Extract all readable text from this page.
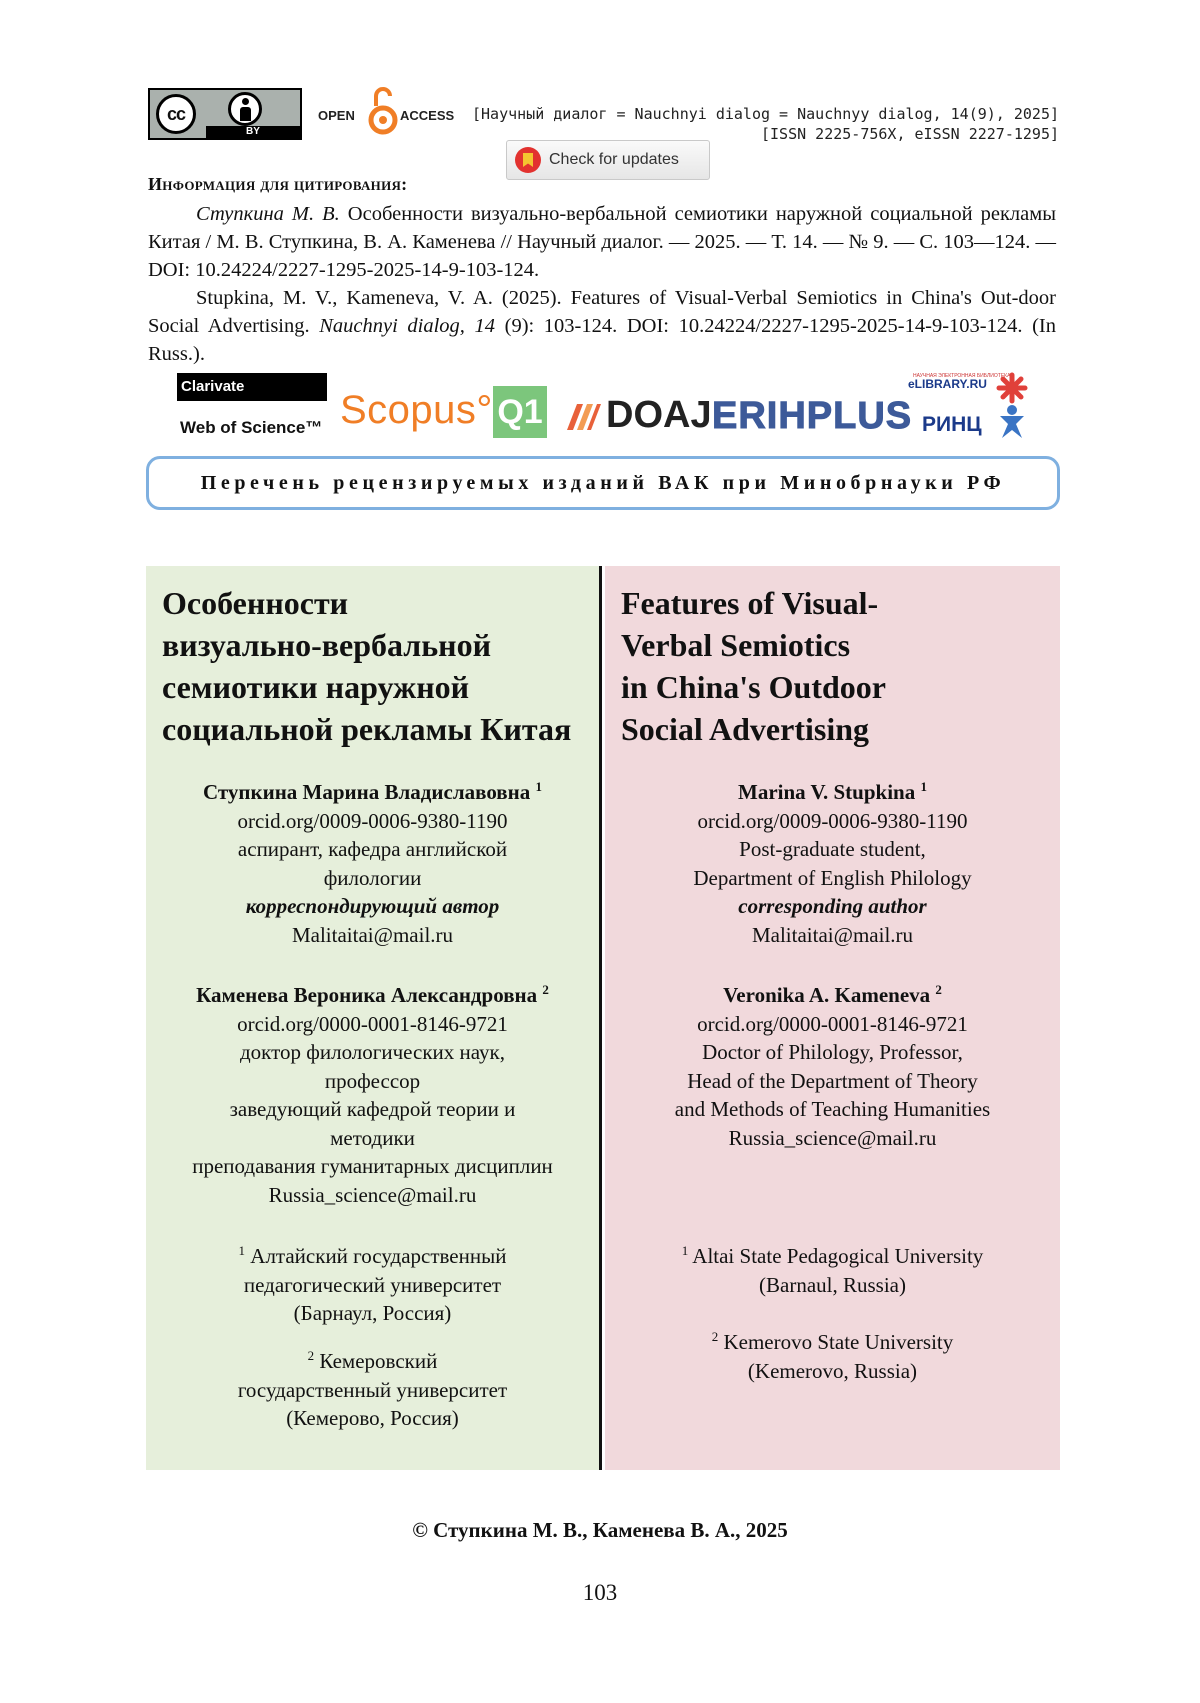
cc
BY
OPEN	ACCESS [Научный диалог = Nauchnyi dialog = Nauchnyy dialog, 14(9), 2025]
[ISSN 2225-756X, eISSN 2227-1295]
Check for updates
Информация для цитирования:

Ступкина М. В. Особенности визуально-вербальной семиотики наружной социальной рекламы Китая / М. В. Ступкина, В. А. Каменева // Научный диалог. — 2025. — Т. 14. — № 9. — С. 103—124. — DOI: 10.24224/2227-1295-2025-14-9-103-124.

Stupkina, M. V., Kameneva, V. A. (2025). Features of Visual-Verbal Semiotics in China's Out-door Social Advertising. Nauchnyi dialog, 14 (9): 103-124. DOI: 10.24224/2227-1295-2025-14-9-103-124. (In Russ.).

Clarivate
Web of Science™ Scopus° Q1 DOAJ ERIHPLUS
НАУЧНАЯ ЭЛЕКТРОННАЯ БИБЛИОТЕКА
eLIBRARY.RU
РИНЦ
Перечень рецензируемых изданий ВАК при Минобрнауки РФ
Особенности
визуально-вербальной
семиотики наружной
социальной рекламы Китая
Ступкина Марина Владиславовна $^1$
orcid.org/0009-0006-9380-1190
аспирант, кафедра английской
филологии
корреспондирующий автор
Malitaitai@mail.ru
Каменева Вероника Александровна $^2$
orcid.org/0000-0001-8146-9721
доктор филологических наук,
профессор
заведующий кафедрой теории и
методики
преподавания гуманитарных дисциплин
Russia_science@mail.ru
$^1$ Алтайский государственный
педагогический университет
(Барнаул, Россия)
$^2$ Кемеровский
государственный университет
(Кемерово, Россия)
Features of Visual-
Verbal Semiotics
in China's Outdoor
Social Advertising
Marina V. Stupkina $^1$
orcid.org/0009-0006-9380-1190
Post-graduate student,
Department of English Philology
corresponding author
Malitaitai@mail.ru
Veronika A. Kameneva $^2$
orcid.org/0000-0001-8146-9721
Doctor of Philology, Professor,
Head of the Department of Theory
and Methods of Teaching Humanities
Russia_science@mail.ru
$^1$ Altai State Pedagogical University
(Barnaul, Russia)
$^2$ Kemerovo State University
(Kemerovo, Russia)
© Ступкина М. В., Каменева В. А., 2025
103
